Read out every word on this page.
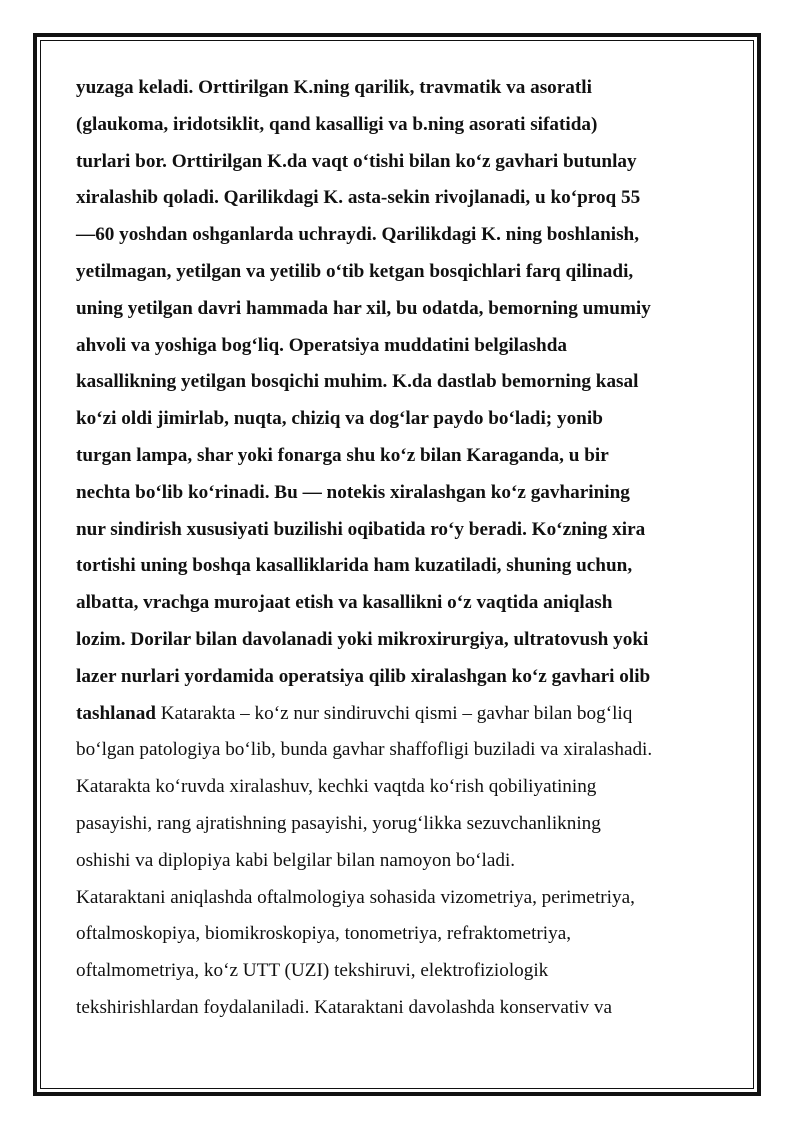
yuzaga keladi. Orttirilgan K.ning qarilik, travmatik va asoratli
(glaukoma, iridotsiklit, qand kasalligi va b.ning asorati sifatida)
turlari bor. Orttirilgan K.da vaqt o‘tishi bilan ko‘z gavhari butunlay
xiralashib qoladi. Qarilikdagi K. asta-sekin rivojlanadi, u ko‘proq 55
—60 yoshdan oshganlarda uchraydi. Qarilikdagi K. ning boshlanish,
yetilmagan, yetilgan va yetilib o‘tib ketgan bosqichlari farq qilinadi,
uning yetilgan davri hammada har xil, bu odatda, bemorning umumiy
ahvoli va yoshiga bog‘liq. Operatsiya muddatini belgilashda
kasallikning yetilgan bosqichi muhim. K.da dastlab bemorning kasal
ko‘zi oldi jimirlab, nuqta, chiziq va dog‘lar paydo bo‘ladi; yonib
turgan lampa, shar yoki fonarga shu ko‘z bilan Karaganda, u bir
nechta bo‘lib ko‘rinadi. Bu — notekis xiralashgan ko‘z gavharining
nur sindirish xususiyati buzilishi oqibatida ro‘y beradi. Ko‘zning xira
tortishi uning boshqa kasalliklarida ham kuzatiladi, shuning uchun,
albatta, vrachga murojaat etish va kasallikni o‘z vaqtida aniqlash
lozim. Dorilar bilan davolanadi yoki mikroxirurgiya, ultratovush yoki
lazer nurlari yordamida operatsiya qilib xiralashgan ko‘z gavhari olib
tashlanad Katarakta – ko‘z nur sindiruvchi qismi – gavhar bilan bog‘liq
bo‘lgan patologiya bo‘lib, bunda gavhar shaffofligi buziladi va xiralashadi.
Katarakta ko‘ruvda xiralashuv, kechki vaqtda ko‘rish qobiliyatining
pasayishi, rang ajratishning pasayishi, yorug‘likka sezuvchanlikning
oshishi va diplopiya kabi belgilar bilan namoyon bo‘ladi.
Kataraktani aniqlashda oftalmologiya sohasida vizometriya, perimetriya,
oftalmoskopiya, biomikroskopiya, tonometriya, refraktometriya,
oftalmometriya, ko‘z UTT (UZI) tekshiruvi, elektrofiziologik
tekshirishlardan foydalaniladi. Kataraktani davolashda konservativ va
